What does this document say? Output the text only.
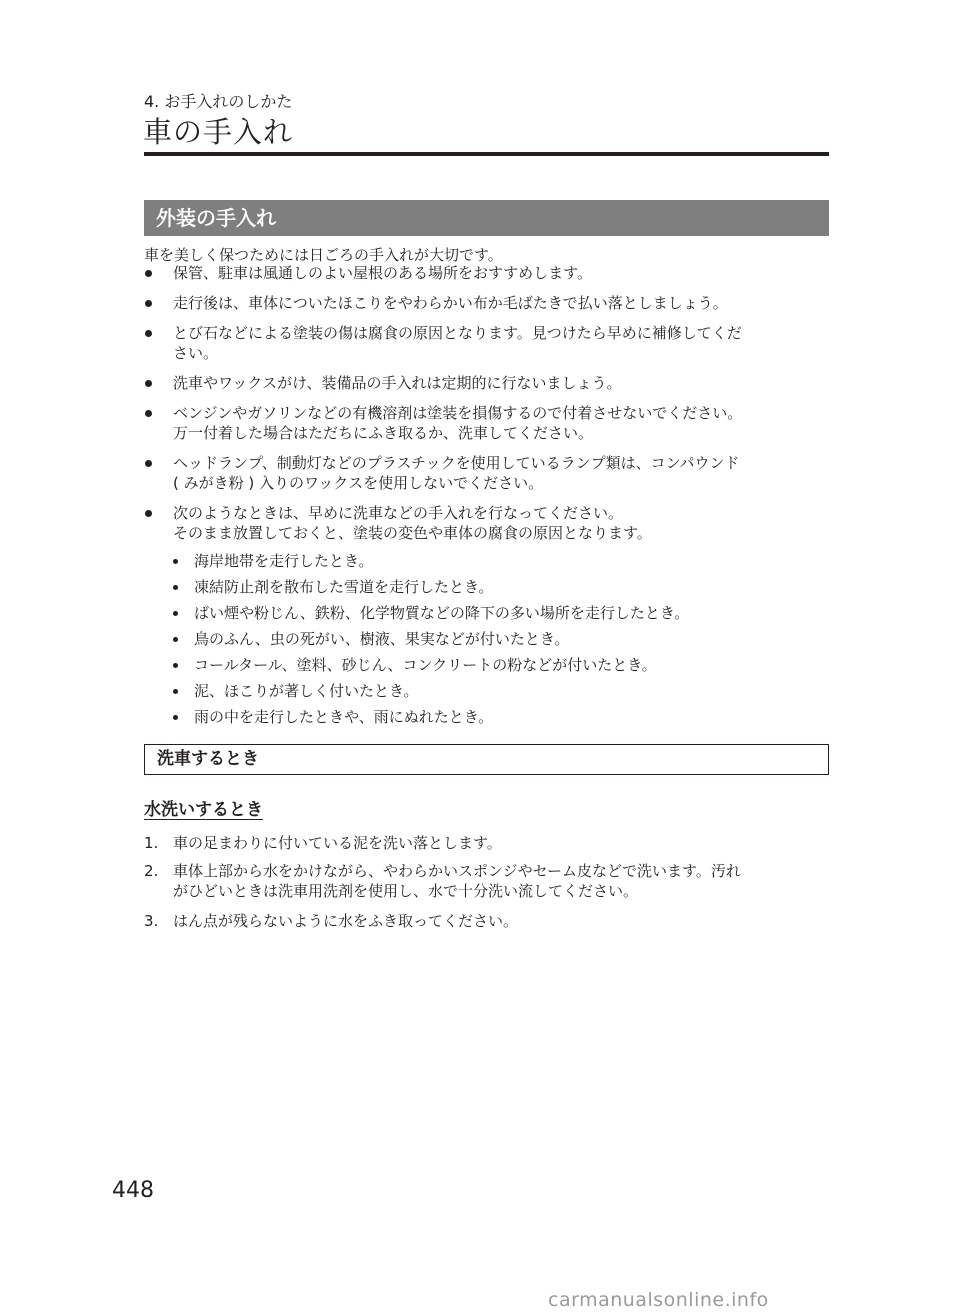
4. お手入れのしかた
車の手入れ
外装の手入れ
車を美しく保つためには日ごろの手入れが大切です。
保管、駐車は風通しのよい屋根のある場所をおすすめします。
走行後は、車体についたほこりをやわらかい布か毛ばたきで払い落としましょう。
とび石などによる塗装の傷は腐食の原因となります。見つけたら早めに補修してくだ
さい。
洗車やワックスがけ、装備品の手入れは定期的に行ないましょう。
ベンジンやガソリンなどの有機溶剤は塗装を損傷するので付着させないでください。
万一付着した場合はただちにふき取るか、洗車してください。
ヘッドランプ、制動灯などのプラスチックを使用しているランプ類は、コンパウンド
( みがき粉 ) 入りのワックスを使用しないでください。
次のようなときは、早めに洗車などの手入れを行なってください。
そのまま放置しておくと、塗装の変色や車体の腐食の原因となります。
海岸地帯を走行したとき。
凍結防止剤を散布した雪道を走行したとき。
ばい煙や粉じん、鉄粉、化学物質などの降下の多い場所を走行したとき。
鳥のふん、虫の死がい、樹液、果実などが付いたとき。
コールタール、塗料、砂じん、コンクリートの粉などが付いたとき。
泥、ほこりが著しく付いたとき。
雨の中を走行したときや、雨にぬれたとき。
洗車するとき
水洗いするとき
1. 車の足まわりに付いている泥を洗い落とします。
2. 車体上部から水をかけながら、やわらかいスポンジやセーム皮などで洗います。汚れ
がひどいときは洗車用洗剤を使用し、水で十分洗い流してください。
3. はん点が残らないように水をふき取ってください。
448
carmanualsonline.info
